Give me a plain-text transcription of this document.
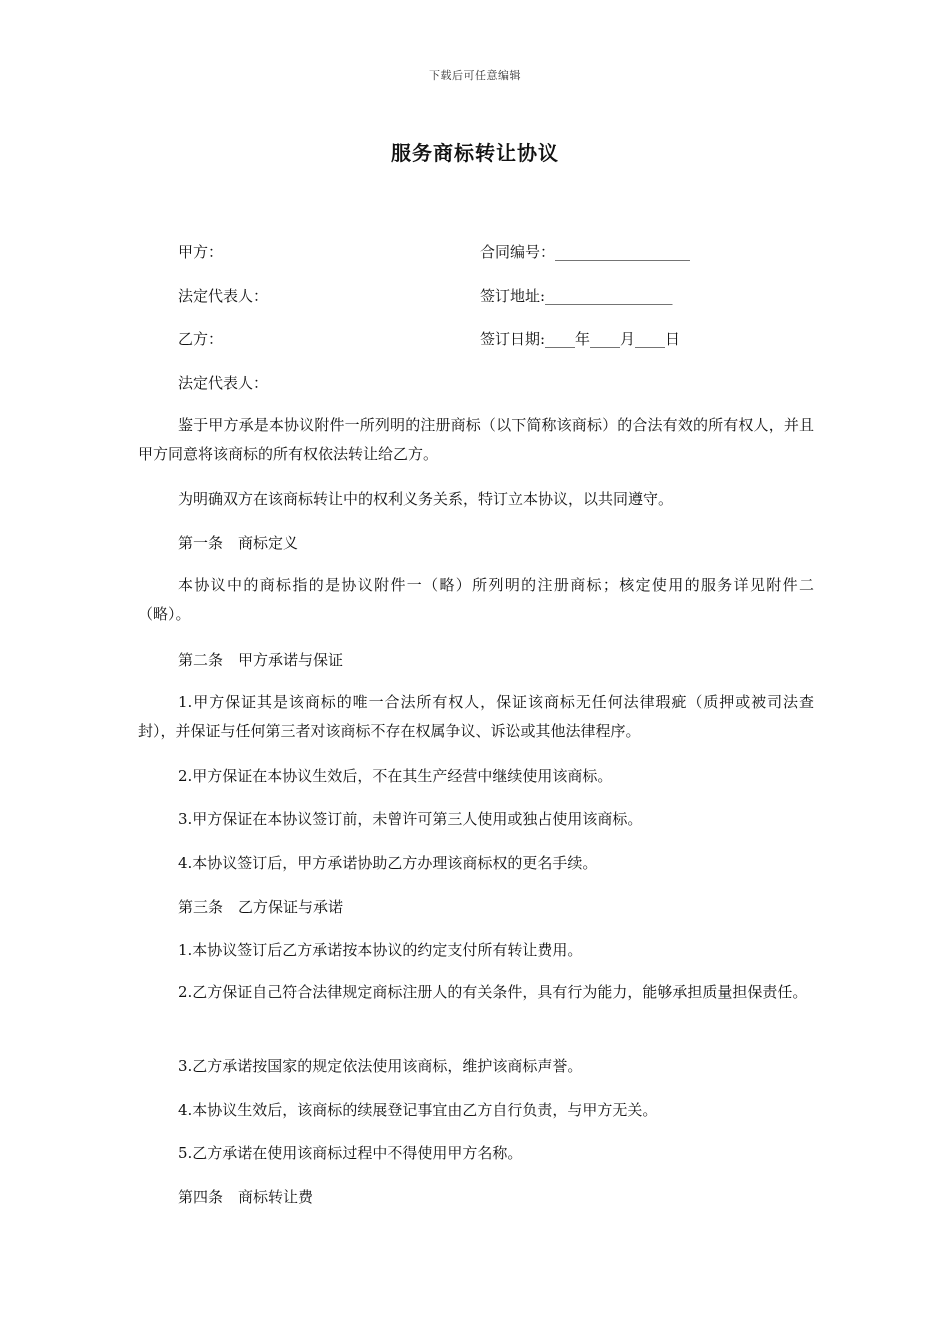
下载后可任意编辑
服务商标转让协议
甲方：	合同编号：__________________
法定代表人：	签订地址:_________________
乙方：	签订日期:____年____月____日
法定代表人：

鉴于甲方承是本协议附件一所列明的注册商标（以下简称该商标）的合法有效的所有权人，并且甲方同意将该商标的所有权依法转让给乙方。

为明确双方在该商标转让中的权利义务关系，特订立本协议，以共同遵守。
第一条　商标定义

本协议中的商标指的是协议附件一（略）所列明的注册商标；核定使用的服务详见附件二（略）。

第二条　甲方承诺与保证

1.甲方保证其是该商标的唯一合法所有权人，保证该商标无任何法律瑕疵（质押或被司法查封），并保证与任何第三者对该商标不存在权属争议、诉讼或其他法律程序。

2.甲方保证在本协议生效后，不在其生产经营中继续使用该商标。
3.甲方保证在本协议签订前，未曾许可第三人使用或独占使用该商标。
4.本协议签订后，甲方承诺协助乙方办理该商标权的更名手续。
第三条　乙方保证与承诺
1.本协议签订后乙方承诺按本协议的约定支付所有转让费用。

2.乙方保证自己符合法律规定商标注册人的有关条件，具有行为能力，能够承担质量担保责任。

3.乙方承诺按国家的规定依法使用该商标，维护该商标声誉。
4.本协议生效后，该商标的续展登记事宜由乙方自行负责，与甲方无关。
5.乙方承诺在使用该商标过程中不得使用甲方名称。
第四条　商标转让费
